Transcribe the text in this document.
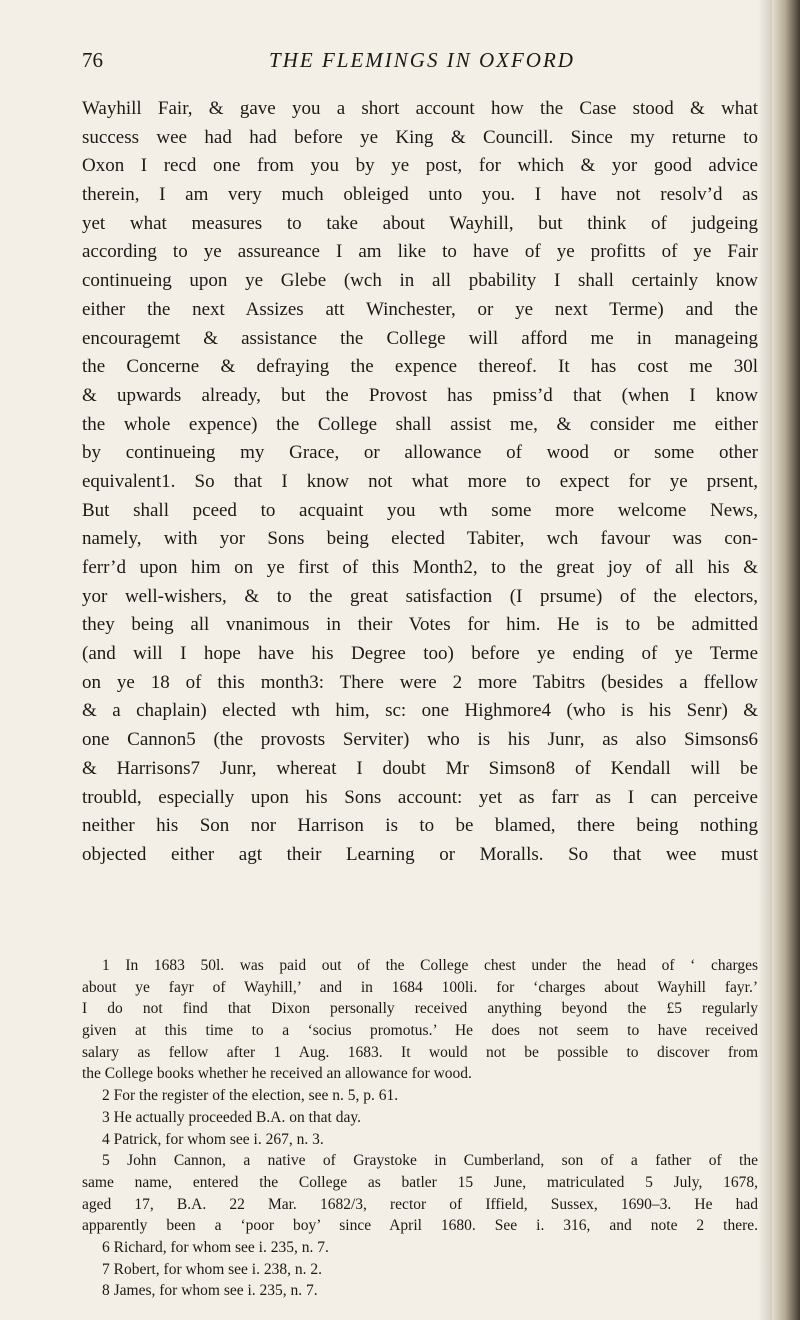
76	THE FLEMINGS IN OXFORD
Wayhill Fair, & gave you a short account how the Case stood & what
success wee had had before ye King & Councill. Since my returne to
Oxon I recd one from you by ye post, for which & yor good advice
therein, I am very much obleiged unto you. I have not resolv’d as
yet what measures to take about Wayhill, but think of judgeing
according to ye assureance I am like to have of ye profitts of ye Fair
continueing upon ye Glebe (wch in all pbability I shall certainly know
either the next Assizes att Winchester, or ye next Terme) and the
encouragemt & assistance the College will afford me in manageing
the Concerne & defraying the expence thereof. It has cost me 30l
& upwards already, but the Provost has pmiss’d that (when I know
the whole expence) the College shall assist me, & consider me either
by continueing my Grace, or allowance of wood or some other
equivalent1. So that I know not what more to expect for ye prsent,
But shall pceed to acquaint you wth some more welcome News,
namely, with yor Sons being elected Tabiter, wch favour was con-
ferr’d upon him on ye first of this Month2, to the great joy of all his &
yor well-wishers, & to the great satisfaction (I prsume) of the electors,
they being all vnanimous in their Votes for him. He is to be admitted
(and will I hope have his Degree too) before ye ending of ye Terme
on ye 18 of this month3: There were 2 more Tabitrs (besides a ffellow
& a chaplain) elected wth him, sc: one Highmore4 (who is his Senr) &
one Cannon5 (the provosts Serviter) who is his Junr, as also Simsons6
& Harrisons7 Junr, whereat I doubt Mr Simson8 of Kendall will be
troubld, especially upon his Sons account: yet as farr as I can perceive
neither his Son nor Harrison is to be blamed, there being nothing
objected either agt their Learning or Moralls. So that wee must
1 In 1683 50l. was paid out of the College chest under the head of ‘ charges
about ye fayr of Wayhill,’ and in 1684 100li. for ‘charges about Wayhill fayr.’
I do not find that Dixon personally received anything beyond the £5 regularly
given at this time to a ‘socius promotus.’ He does not seem to have received
salary as fellow after 1 Aug. 1683. It would not be possible to discover from
the College books whether he received an allowance for wood.
2 For the register of the election, see n. 5, p. 61.
3 He actually proceeded B.A. on that day.
4 Patrick, for whom see i. 267, n. 3.
5 John Cannon, a native of Graystoke in Cumberland, son of a father of the
same name, entered the College as batler 15 June, matriculated 5 July, 1678,
aged 17, B.A. 22 Mar. 1682/3, rector of Iffield, Sussex, 1690–3. He had
apparently been a ‘poor boy’ since April 1680. See i. 316, and note 2 there.
6 Richard, for whom see i. 235, n. 7.
7 Robert, for whom see i. 238, n. 2.
8 James, for whom see i. 235, n. 7.
